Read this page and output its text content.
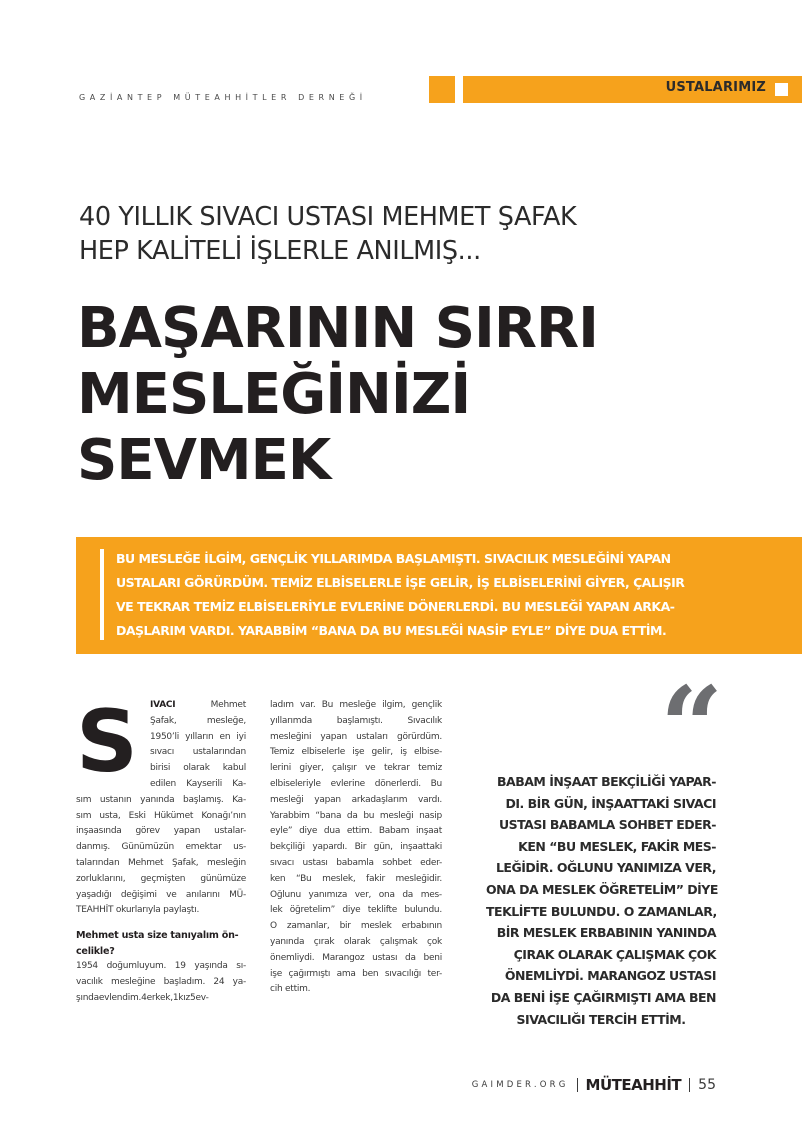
GAZİANTEP MÜTEAHHİTLER DERNEĞİ
USTALARIMIZ
40 YILLIK SIVACI USTASI MEHMET ŞAFAK
HEP KALİTELİ İŞLERLE ANILMIŞ...
BAŞARININ SIRRI
MESLEĞİNİZİ
SEVMEK
BU MESLEĞE İLGİM, GENÇLİK YILLARIMDA BAŞLAMIŞTI. SIVACILIK MESLEĞİNİ YAPAN
USTALARI GÖRÜRDÜM. TEMİZ ELBİSELERLE İŞE GELİR, İŞ ELBİSELERİNİ GİYER, ÇALIŞIR
VE TEKRAR TEMİZ ELBİSELERİYLE EVLERİNE DÖNERLERDİ. BU MESLEĞİ YAPAN ARKA-
DAŞLARIM VARDI. YARABBİM “BANA DA BU MESLEĞİ NASİP EYLE” DİYE DUA ETTİM.
S IVACI	Mehmet
Şafak,	mesleğe,
1950’li yılların en iyi
sıvacı ustalarından
birisi olarak kabul
edilen Kayserili Ka-
sım ustanın yanında başlamış. Ka-
sım usta, Eski Hükümet Konağı’nın
inşaasında görev yapan ustalar-
danmış. Günümüzün emektar us-
talarından Mehmet Şafak, mesleğin
zorluklarını, geçmişten günümüze
yaşadığı değişimi ve anılarını MÜ-
TEAHHİT okurlarıyla paylaştı.
Mehmet usta size tanıyalım ön-
celikle?
1954 doğumluyum. 19 yaşında sı-
vacılık mesleğine başladım. 24 ya-
şında evlendim. 4 erkek, 1 kız 5 ev-
ladım var. Bu mesleğe ilgim, gençlik
yıllarımda	başlamıştı.	Sıvacılık
mesleğini yapan ustaları görürdüm.
Temiz elbiselerle işe gelir, iş elbise-
lerini giyer, çalışır ve tekrar temiz
elbiseleriyle evlerine dönerlerdi. Bu
mesleği yapan arkadaşlarım vardı.
Yarabbim “bana da bu mesleği nasip
eyle” diye dua ettim. Babam inşaat
bekçiliği yapardı. Bir gün, inşaattaki
sıvacı ustası babamla sohbet eder-
ken “Bu meslek, fakir mesleğidir.
Oğlunu yanımıza ver, ona da mes-
lek öğretelim” diye teklifte bulundu.
O zamanlar, bir meslek erbabının
yanında çırak olarak çalışmak çok
önemliydi. Marangoz ustası da beni
işe çağırmıştı ama ben sıvacılığı ter-
cih ettim.
“
BABAM İNŞAAT BEKÇİLİĞİ YAPAR-
DI. BİR GÜN, İNŞAATTAKİ SIVACI
USTASI BABAMLA SOHBET EDER-
KEN “BU MESLEK, FAKİR MES-
LEĞİDİR. OĞLUNU YANIMIZA VER,
ONA DA MESLEK ÖĞRETELİM” DİYE
TEKLİFTE BULUNDU. O ZAMANLAR,
BİR MESLEK ERBABININ YANINDA
ÇIRAK OLARAK ÇALIŞMAK ÇOK
ÖNEMLİYDİ. MARANGOZ USTASI
DA BENİ İŞE ÇAĞIRMIŞTI AMA BEN
SIVACILIĞI TERCİH ETTİM.
GAIMDER.ORG MÜTEAHHİT 55
